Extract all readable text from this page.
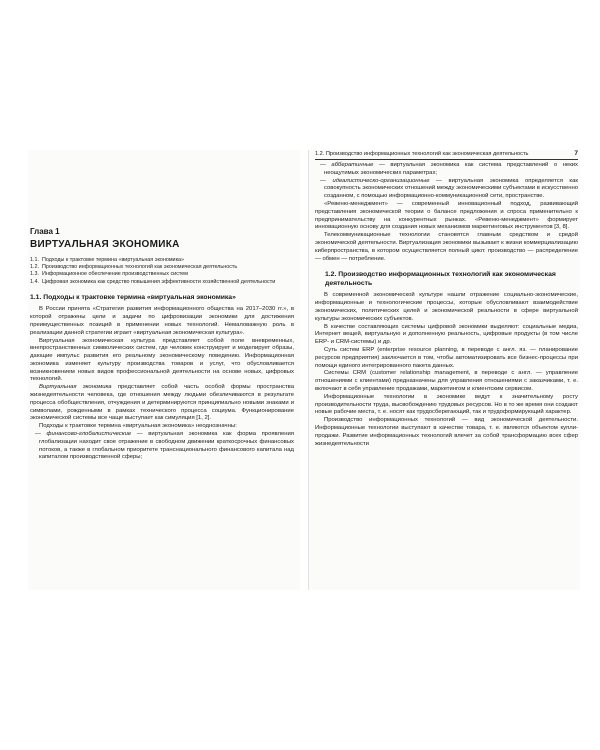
Глава 1
ВИРТУАЛЬНАЯ ЭКОНОМИКА
1.1. Подходы к трактовке термина «виртуальная экономика»
1.2. Производство информационных технологий как экономическая деятельность
1.3. Информационное обеспечение производственных систем
1.4. Цифровая экономика как средство повышения эффективности хозяйственной деятельности
1.1. Подходы к трактовке термина «виртуальная экономика»

В России принята «Стратегия развития информационного общества на 2017–2030 гг.», в которой отражены цели и задачи по цифровизации экономики для достижения преимущественных позиций в применении новых технологий. Немаловажную роль в реализации данной стратегии играет «виртуальная экономическая культура».

Виртуальная экономическая культура представляет собой поле вневременных, внепространственных символических систем, где человек конструирует и моделирует образы, дающие импульс развития его реальному экономическому поведению. Информационная экономика изменяет культуру производства товаров и услуг, что обусловливается возникновением новых видов профессиональной деятельности на основе новых, цифровых технологий.

Виртуальная экономика представляет собой часть особой формы пространства жизнедеятельности человека, где отношения между людьми обезличиваются в результате процесса обобществления, отчуждения и детерминируются принципиально новыми знаками и символами, рожденными в рамках технического процесса социума. Функционирование экономической системы все чаще выступает как симуляция [1, 2].

Подходы к трактовке термина «виртуальная экономика» неоднозначны:

— финансово-глобалистические — виртуальная экономика как форма проявления глобализации находит свое отражение в свободном движении краткосрочных финансовых потоков, а также в глобальном приоритете транснационального финансового капитала над капиталом производственной сферы;
1.2. Производство информационных технологий как экономическая деятельность	7
— аббератинные — виртуальная экономика как система представлений о неких неощутимых экономических параметрах;
— идеалистическо-организационные — виртуальная экономика определяется как совокупность экономических отношений между экономическими субъектами в искусственно созданном, с помощью информационно-коммуникационной сети, пространстве.

«Ревеню-менеджмент» — современный инновационный подход, развивающий представления экономической теории о балансе предложения и спроса применительно к предпринимательству на конкурентных рынках. «Ревеню-менеджмент» формирует инновационную основу для создания новых механизмов маркетинговых инструментов [3, 8].

Телекоммуникационные технологии становятся главным средством и средой экономической деятельности. Виртуализация экономики вызывает к жизни коммерциализацию киберпространства, в котором осуществляется полный цикл: производство — распределение — обмен — потребление.

1.2. Производство информационных технологий как экономическая деятельность

В современной экономической культуре нашли отражение социально-экономические, информационные и технологические процессы, которые обусловливают взаимодействие экономических, политических целей и экономической реальности в сфере виртуальной культуры экономических субъектов.

В качестве составляющих системы цифровой экономики выделяют: социальные медиа, Интернет вещей, виртуальную и дополненную реальность, цифровые продукты (в том числе ERP- и CRM-системы) и др.

Суть систем ERP (enterprise resource planning, в переводе с англ. яз. — планирование ресурсов предприятия) заключается в том, чтобы автоматизировать все бизнес-процессы при помощи единого интегрированного пакета данных.

Системы CRM (customer relationship management, в переводе с англ. — управление отношениями с клиентами) предназначены для управления отношениями с заказчиками, т. е. включают в себя управление продажами, маркетингом и клиентским сервисом.

Информационные технологии в экономике ведут к значительному росту производительности труда, высвобождению трудовых ресурсов. Но в то же время они создают новые рабочие места, т. е. носят как трудосберегающий, так и трудоформирующий характер.

Производство информационных технологий — вид экономической деятельности. Информационные технологии выступают в качестве товара, т. е. являются объектом купли-продажи. Развитие информационных технологий влечет за собой трансформацию всех сфер жизнедеятельности
